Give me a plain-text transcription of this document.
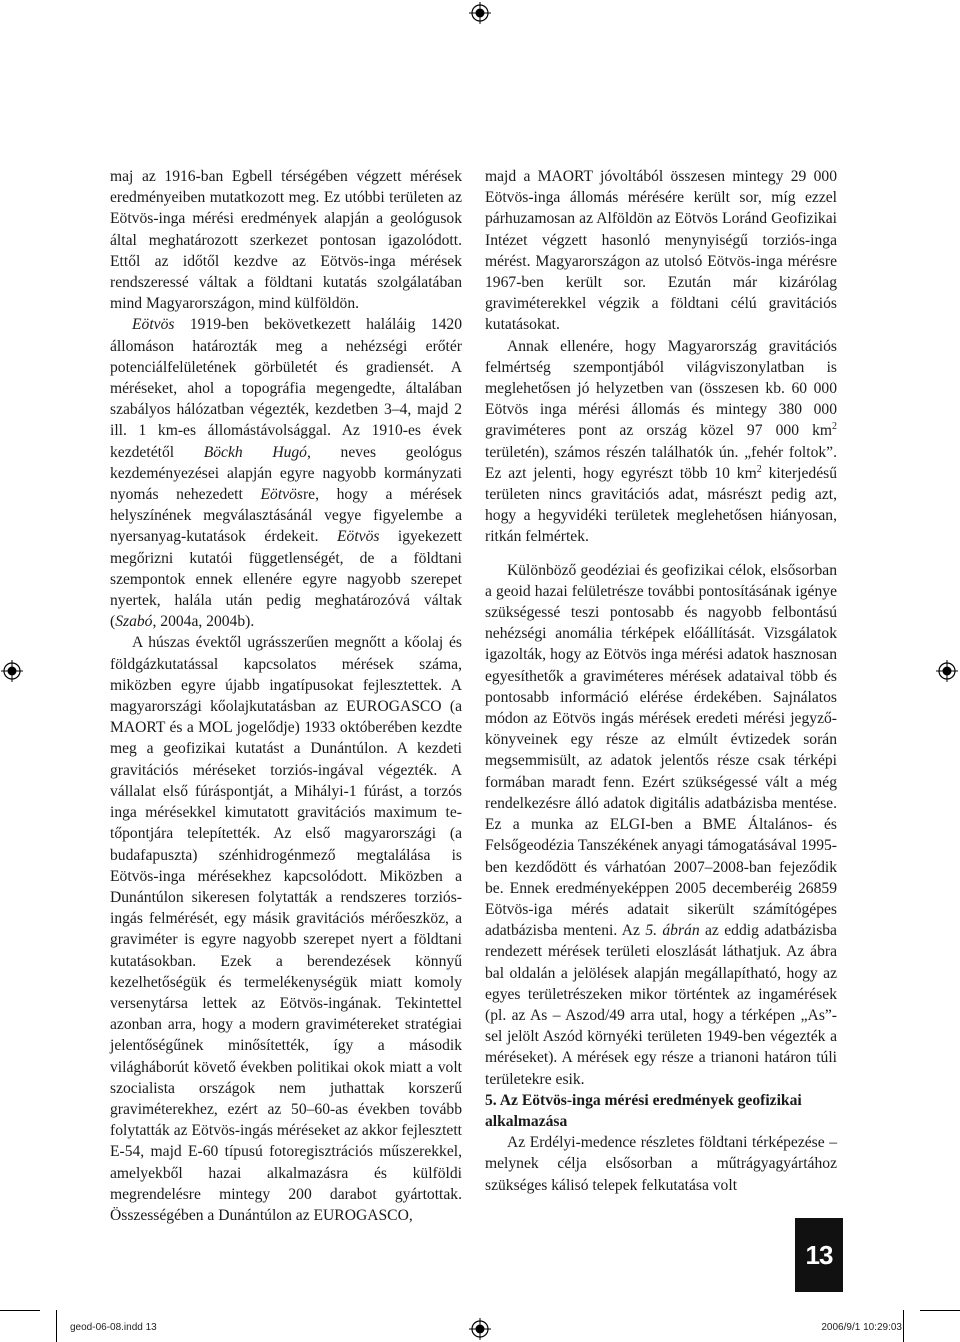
maj az 1916-ban Egbell térségében végzett mérések eredményeiben mutatkozott meg. Ez utóbbi területen az Eötvös-inga mérési eredmények alapján a geológusok által meghatározott szerkezet pontosan igazolódott. Ettől az időtől kezdve az Eötvös-inga mérések rendszeressé váltak a földtani kutatás szolgálatában mind Magyarországon, mind külföldön.

Eötvös 1919-ben bekövetkezett haláláig 1420 állomáson határozták meg a nehézségi erőtér potenciálfelületének görbületét és gradiensét. A méréseket, ahol a topográfia megengedte, általában szabályos hálózatban végezték, kezdetben 3–4, majd 2 ill. 1 km-es állomástávolsággal. Az 1910-es évek kezdetétől Böckh Hugó, neves geológus kezdeményezései alapján egyre nagyobb kormányzati nyomás nehezedett Eötvösre, hogy a mérések helyszínének megválasztásánál vegye figyelembe a nyersanyag-kutatások érdekeit. Eötvös igyekezett megőrizni kutatói függetlenségét, de a földtani szempontok ennek ellenére egyre nagyobb szerepet nyertek, halála után pedig meghatározóvá váltak (Szabó, 2004a, 2004b).

A húszas évektől ugrásszerűen megnőtt a kőolaj és földgázkutatással kapcsolatos mérések száma, miközben egyre újabb ingatípusokat fejlesztettek. A magyarországi kőolajkutatásban az EUROGASCO (a MAORT és a MOL jogelődje) 1933 októberében kezdte meg a geofizikai kutatást a Dunántúlon. A kezdeti gravitációs méréseket torziós-ingával végezték. A vállalat első fúráspontját, a Mihályi-1 fúrást, a torzós inga mérésekkel kimutatott gravitációs maximum tetőpontjára telepítették. Az első magyarországi (a budafapuszta) szénhidrogénmező megtalálása is Eötvös-inga mérésekhez kapcsolódott. Miközben a Dunántúlon sikeresen folytatták a rendszeres torziós-ingás felmérését, egy másik gravitációs mérőeszköz, a graviméter is egyre nagyobb szerepet nyert a földtani kutatásokban. Ezek a berendezések könnyű kezelhetőségük és termelékenységük miatt komoly versenytársa lettek az Eötvös-ingának. Tekintettel azonban arra, hogy a modern gravimétereket stratégiai jelentőségűnek minősítették, így a második világháborút követő években politikai okok miatt a volt szocialista országok nem juthattak korszerű graviméterekhez, ezért az 50–60-as években tovább folytatták az Eötvös-ingás méréseket az akkor fejlesztett E-54, majd E-60 típusú fotoregisztrációs műszerekkel, amelyekből hazai alkalmazásra és külföldi megrendelésre mintegy 200 darabot gyártottak. Összességében a Dunántúlon az EUROGASCO,

majd a MAORT jóvoltából összesen mintegy 29 000 Eötvös-inga állomás mérésére került sor, míg ezzel párhuzamosan az Alföldön az Eötvös Loránd Geofizikai Intézet végzett hasonló menynyiségű torziós-inga mérést. Magyarországon az utolsó Eötvös-inga mérésre 1967-ben került sor. Ezután már kizárólag graviméterekkel végzik a földtani célú gravitációs kutatásokat.

Annak ellenére, hogy Magyarország gravitációs felmértség szempontjából világviszonylatban is meglehetősen jó helyzetben van (összesen kb. 60 000 Eötvös inga mérési állomás és mintegy 380 000 graviméteres pont az ország közel 97 000 $km^2$ területén), számos részén találhatók ún. „fehér foltok”. Ez azt jelenti, hogy egyrészt több 10 $km^2$ kiterjedésű területen nincs gravitációs adat, másrészt pedig azt, hogy a hegyvidéki területek meglehetősen hiányosan, ritkán felmértek.

Különböző geodéziai és geofizikai célok, elsősorban a geoid hazai felületrésze további pontosításának igénye szükségessé teszi pontosabb és nagyobb felbontású nehézségi anomália térképek előállítását. Vizsgálatok igazolták, hogy az Eötvös inga mérési adatok hasznosan egyesíthetők a graviméteres mérések adataival több és pontosabb információ elérése érdekében. Sajnálatos módon az Eötvös ingás mérések eredeti mérési jegyzőkönyveinek egy része az elmúlt évtizedek során megsemmisült, az adatok jelentős része csak térképi formában maradt fenn. Ezért szükségessé vált a még rendelkezésre álló adatok digitális adatbázisba mentése. Ez a munka az ELGI-ben a BME Általános- és Felsőgeodézia Tanszékének anyagi támogatásával 1995-ben kezdődött és várhatóan 2007–2008-ban fejeződik be. Ennek eredményeképpen 2005 decemberéig 26859 Eötvös-iga mérés adatait sikerült számítógépes adatbázisba menteni. Az 5. ábrán az eddig adatbázisba rendezett mérések területi eloszlását láthatjuk. Az ábra bal oldalán a jelölések alapján megállapítható, hogy az egyes területrészeken mikor történtek az ingamérések (pl. az As – Aszod/49 arra utal, hogy a térképen „As”-sel jelölt Aszód környéki területen 1949-ben végezték a méréseket). A mérések egy része a trianoni határon túli területekre esik.

5. Az Eötvös-inga mérési eredmények geofizikai alkalmazása

Az Erdélyi-medence részletes földtani térképezése – melynek célja elsősorban a műtrágyagyártához szükséges kálisó telepek felkutatása volt

13
geod-06-08.indd 13	2006/9/1 10:29:03
